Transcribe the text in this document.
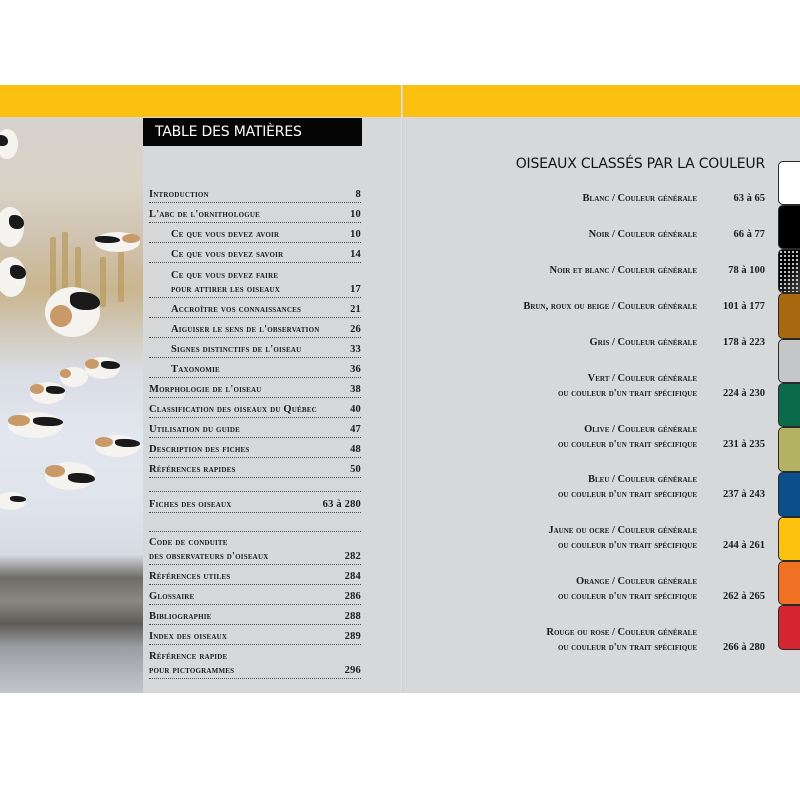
TABLE DES MATIÈRES
Introduction	8
L'abc de l'ornithologue	10
Ce que vous devez avoir	10
Ce que vous devez savoir	14
Ce que vous devez faire
pour attirer les oiseaux	17
Accroître vos connaissances	21
Aiguiser le sens de l'observation	26
Signes distinctifs de l'oiseau	33
Taxonomie	36
Morphologie de l'oiseau	38
Classification des oiseaux du Québec	40
Utilisation du guide	47
Description des fiches	48
Références rapides	50
Fiches des oiseaux	63 à 280
Code de conduite
des observateurs d'oiseaux	282
Références utiles	284
Glossaire	286
Bibliographie	288
Index des oiseaux	289
Référence rapide
pour pictogrammes	296
OISEAUX CLASSÉS PAR LA COULEUR
Blanc / Couleur générale	63 à 65
Noir / Couleur générale	66 à 77
Noir et blanc / Couleur générale	78 à 100
Brun, roux ou beige / Couleur générale	101 à 177
Gris / Couleur générale	178 à 223
Vert / Couleur générale
ou couleur d'un trait spécifique	224 à 230
Olive / Couleur générale
ou couleur d'un trait spécifique	231 à 235
Bleu / Couleur générale
ou couleur d'un trait spécifique	237 à 243
Jaune ou ocre / Couleur générale
ou couleur d'un trait spécifique	244 à 261
Orange / Couleur générale
ou couleur d'un trait spécifique	262 à 265
Rouge ou rose / Couleur générale
ou couleur d'un trait spécifique	266 à 280
